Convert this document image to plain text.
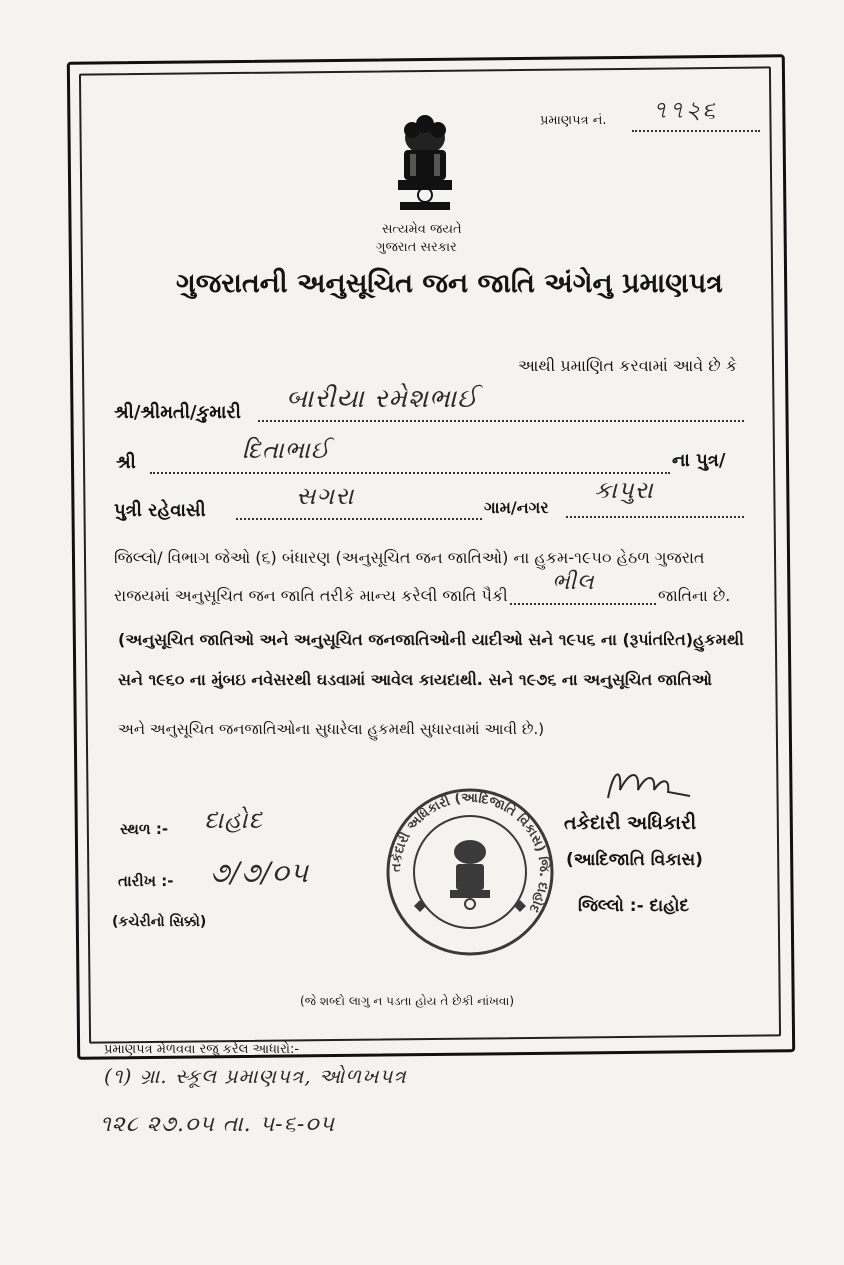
પ્રમાણપત્ર નં. ৭৭২૬
સત્યમેવ જયતે
ગુજરાત સરકાર
ગુજરાતની અનુસૂચિત જન જાતિ અંગેનુ પ્રમાણપત્ર
આથી પ્રમાણિત કરવામાં આવે છે કે
શ્રી/શ્રીમતી/કુમારી બારીયા રમેશભાઈ
શ્રી	દિતાભાઈ	ના પુત્ર/
પુત્રી રહેવાસી
સગરા	ગામ/નગર
કાપુરા
જિલ્લો/ વિભાગ જેઓ (૬) બંધારણ (અનુસૂચિત જન જાતિઓ) ના હુકમ-૧૯૫૦ હેઠળ ગુજરાત
રાજયમાં અનુસૂચિત જન જાતિ તરીકે માન્ય કરેલી જાતિ પૈકી
ભીલ
જાતિના છે.
(અનુસૂચિત જાતિઓ અને અનુસૂચિત જનજાતિઓની યાદીઓ સને ૧૯૫૬ ના (રૂપાંતરિત)હુકમથી
સને ૧૯૬૦ ના મુંબઇ નવેસરથી ઘડવામાં આવેલ કાયદાથી. સને ૧૯૭૬ ના અનુસૂચિત જાતિઓ
અને અનુસૂચિત જનજાતિઓના સુધારેલા હુકમથી સુધારવામાં આવી છે.)
સ્થળ :- દાહોદ
તારીખ :- ૭/૭/૦૫
(કચેરીનો સિક્કો)
તકેદારી અધિકારી (આદિજાતિ વિકાસ) જિ. દાહોદ
તકેદારી અધિકારી
(આદિજાતિ વિકાસ)
જિલ્લો :- દાહોદ
(જે શબ્દો લાગુ ન પડતા હોય તે છેકી નાંખવા)
પ્રમાણપત્ર મેળવવા રજુ કરેલ આધારો:-
(૧) ગ્રા. સ્કૂલ પ્રમાણપત્ર, ઓળખપત્ર
૧૨૮ ૨૭.૦૫ તા. ૫-૬-૦૫
